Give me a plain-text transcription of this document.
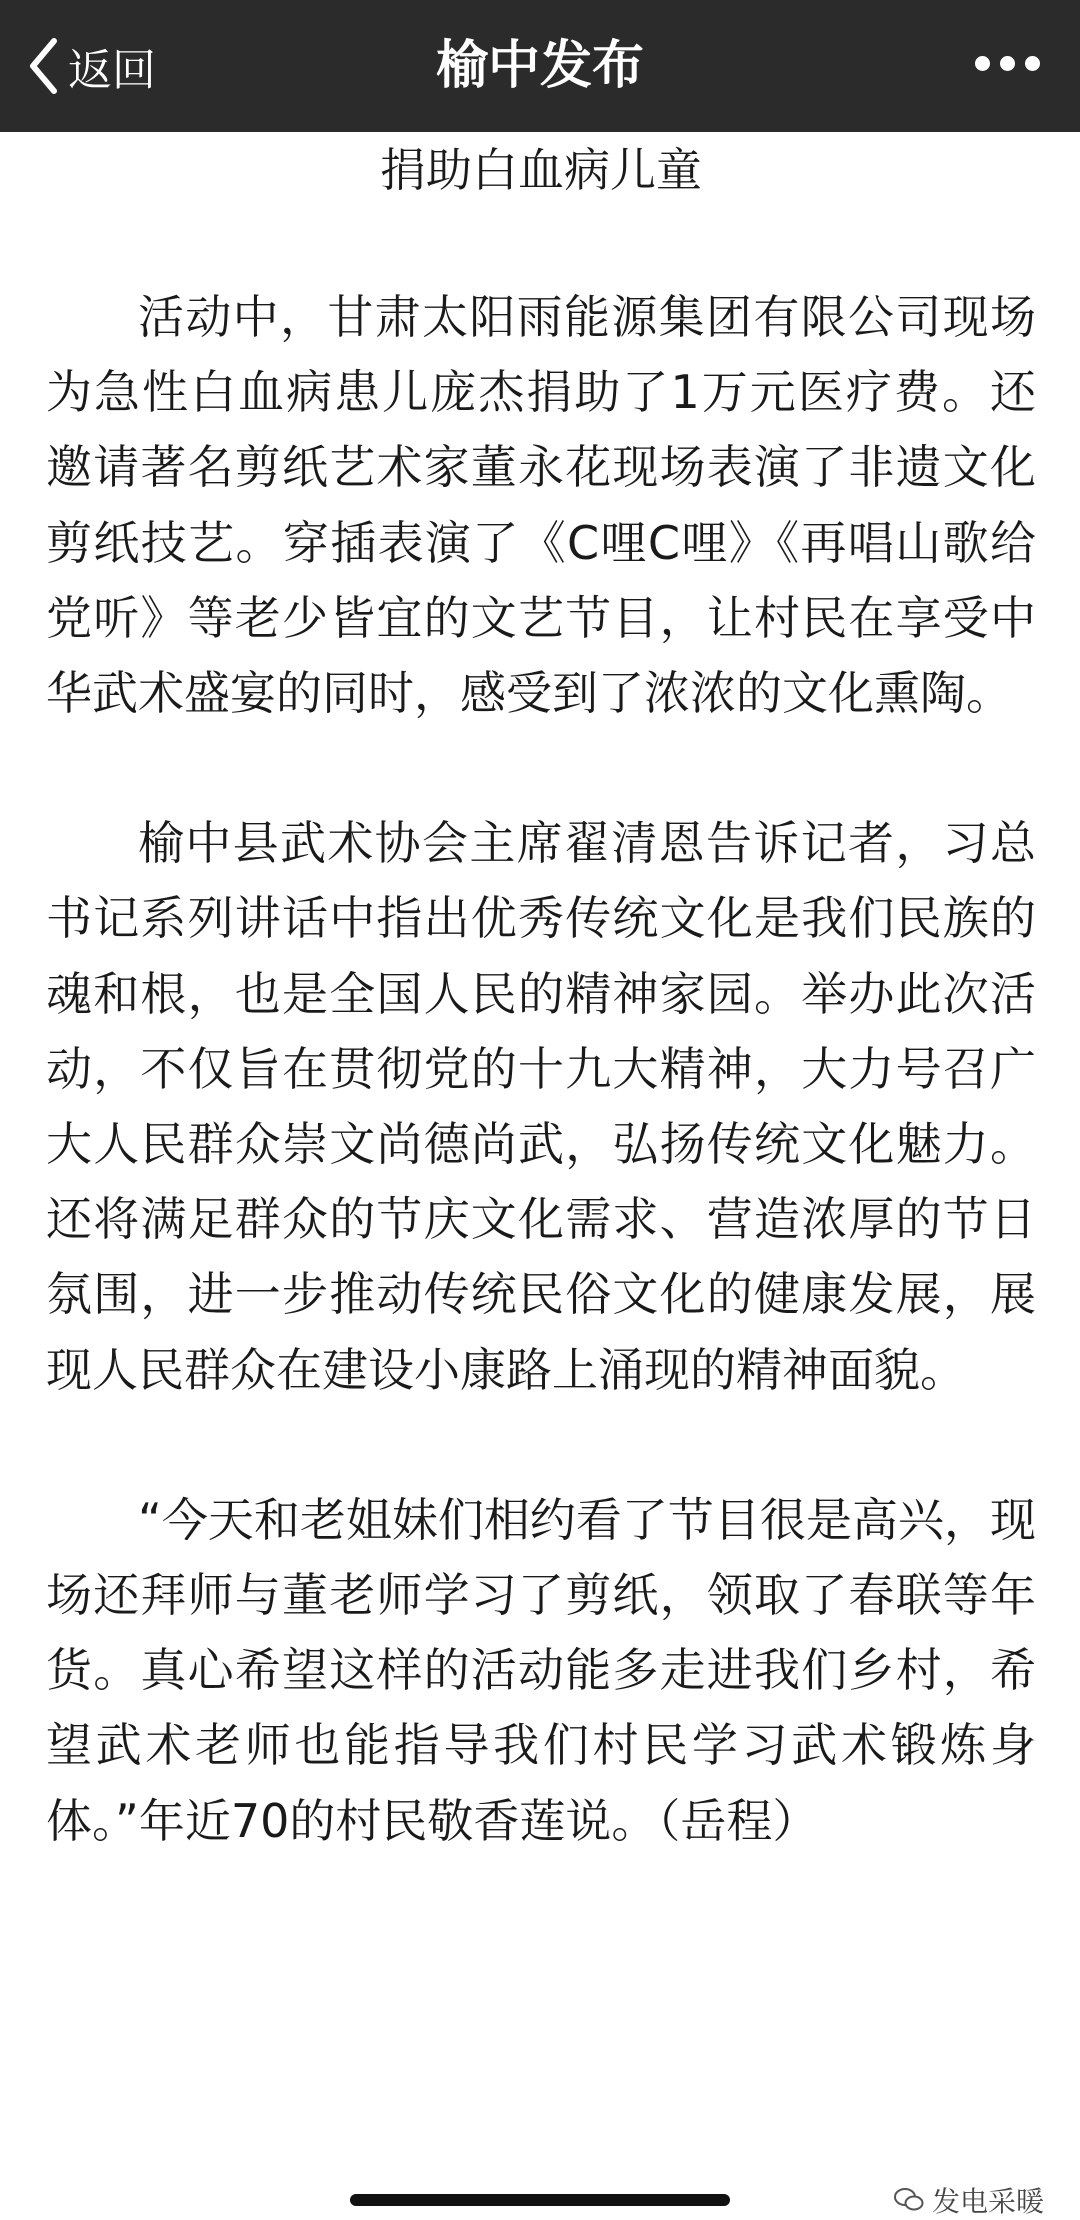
返回	榆中发布
捐助白血病儿童

活动中，甘肃太阳雨能源集团有限公司现场为急性白血病患儿庞杰捐助了1万元医疗费。还邀请著名剪纸艺术家董永花现场表演了非遗文化剪纸技艺。穿插表演了《C哩C哩》《再唱山歌给党听》等老少皆宜的文艺节目，让村民在享受中华武术盛宴的同时，感受到了浓浓的文化熏陶。

榆中县武术协会主席翟清恩告诉记者，习总书记系列讲话中指出优秀传统文化是我们民族的魂和根，也是全国人民的精神家园。举办此次活动，不仅旨在贯彻党的十九大精神，大力号召广大人民群众崇文尚德尚武，弘扬传统文化魅力。还将满足群众的节庆文化需求、营造浓厚的节日氛围，进一步推动传统民俗文化的健康发展，展现人民群众在建设小康路上涌现的精神面貌。

“今天和老姐妹们相约看了节目很是高兴，现场还拜师与董老师学习了剪纸，领取了春联等年货。真心希望这样的活动能多走进我们乡村，希望武术老师也能指导我们村民学习武术锻炼身体。”年近70的村民敬香莲说。（岳程）

发电采暖
